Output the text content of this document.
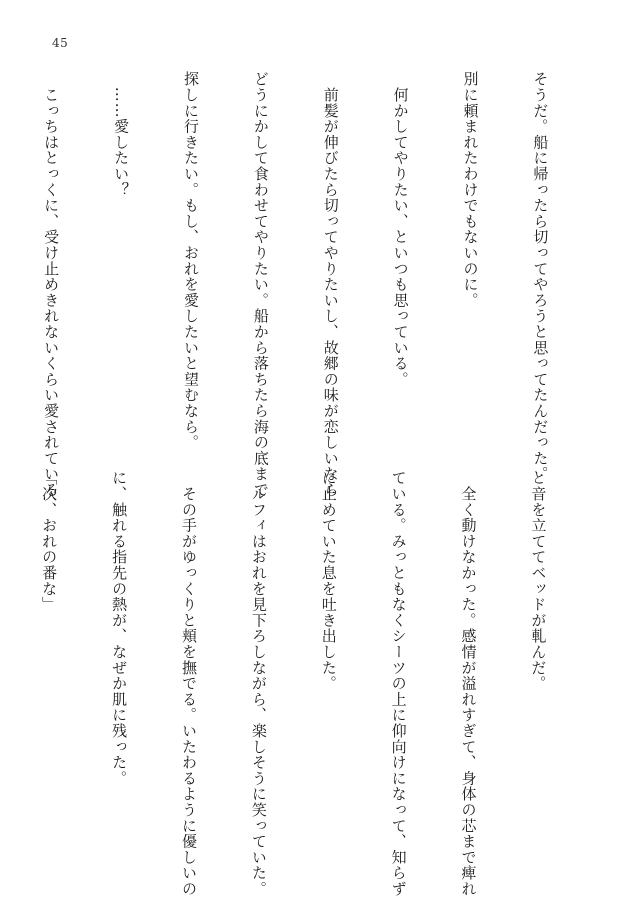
45

そうだ。船に帰ったら切ってやろうと思ってたんだった。

別に頼まれたわけでもないのに。

　何かしてやりたい、といつも思っている。

　前髪が伸びたら切ってやりたいし、故郷の味が恋しいなら

どうにかして食わせてやりたい。船から落ちたら海の底まで

探しに行きたい。もし、おれを愛したいと望むなら。

　……愛したい？

　こっちはとっくに、受け止めきれないくらい愛されている

と音を立ててベッドが軋んだ。

　全く動けなかった。感情が溢れすぎて、身体の芯まで痺れ

ている。みっともなくシーツの上に仰向けになって、知らず

に止めていた息を吐き出した。

　ルフィはおれを見下ろしながら、楽しそうに笑っていた。

　その手がゆっくりと頬を撫でる。いたわるように優しいの

に、触れる指先の熱が、なぜか肌に残った。

「次、おれの番な」
